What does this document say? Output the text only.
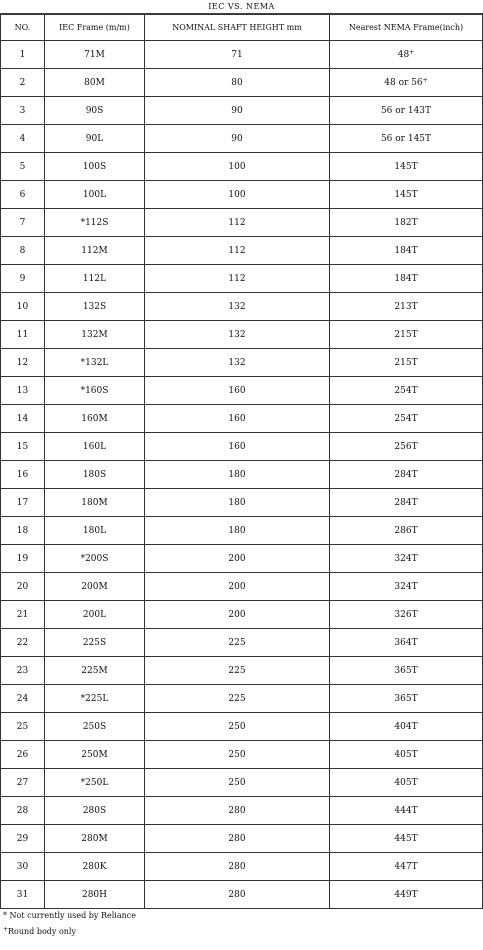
IEC VS. NEMA
NO.	IEC Frame (m/m)	NOMINAL SHAFT HEIGHT mm	Nearest NEMA Frame(inch)
1	71M	71	48+
2	80M	80	48 or 56+
3	90S	90	56 or 143T
4	90L	90	56 or 145T
5	100S	100	145T
6	100L	100	145T
7	*112S	112	182T
8	112M	112	184T
9	112L	112	184T
10	132S	132	213T
11	132M	132	215T
12	*132L	132	215T
13	*160S	160	254T
14	160M	160	254T
15	160L	160	256T
16	180S	180	284T
17	180M	180	284T
18	180L	180	286T
19	*200S	200	324T
20	200M	200	324T
21	200L	200	326T
22	225S	225	364T
23	225M	225	365T
24	*225L	225	365T
25	250S	250	404T
26	250M	250	405T
27	*250L	250	405T
28	280S	280	444T
29	280M	280	445T
30	280K	280	447T
31	280H	280	449T
* Not currently used by Reliance
+Round body only
